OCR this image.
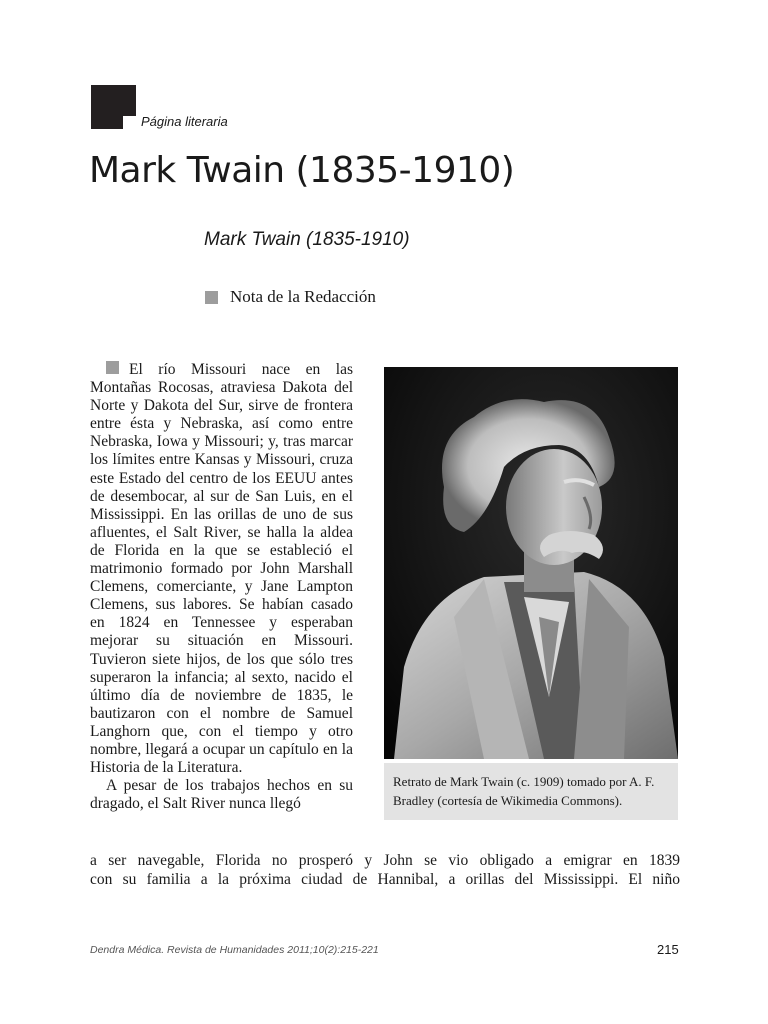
Página literaria
Mark Twain (1835-1910)
Mark Twain (1835-1910)
Nota de la Redacción

El río Missouri nace en las Montañas Rocosas, atraviesa Dakota del Norte y Dakota del Sur, sirve de frontera entre ésta y Nebraska, así como entre Nebraska, Iowa y Missouri; y, tras marcar los límites entre Kansas y Missouri, cruza este Estado del centro de los EEUU antes de desembocar, al sur de San Luis, en el Mississippi. En las orillas de uno de sus afluentes, el Salt River, se halla la aldea de Florida en la que se estableció el matrimonio formado por John Marshall Clemens, comerciante, y Jane Lampton Clemens, sus labores. Se habían casado en 1824 en Tennessee y esperaban mejorar su situación en Missouri. Tuvieron siete hijos, de los que sólo tres superaron la infancia; al sexto, nacido el último día de noviembre de 1835, le bautizaron con el nombre de Samuel Langhorn que, con el tiempo y otro nombre, llegará a ocupar un capítulo en la Historia de la Literatura.

A pesar de los trabajos hechos en su dragado, el Salt River nunca llegó

a ser navegable, Florida no prosperó y John se vio obligado a emigrar en 1839
con su familia a la próxima ciudad de Hannibal, a orillas del Mississippi. El niño
Retrato de Mark Twain (c. 1909) tomado por A. F. Bradley (cortesía de Wikimedia Commons).
Dendra Médica. Revista de Humanidades 2011;10(2):215-221	215
